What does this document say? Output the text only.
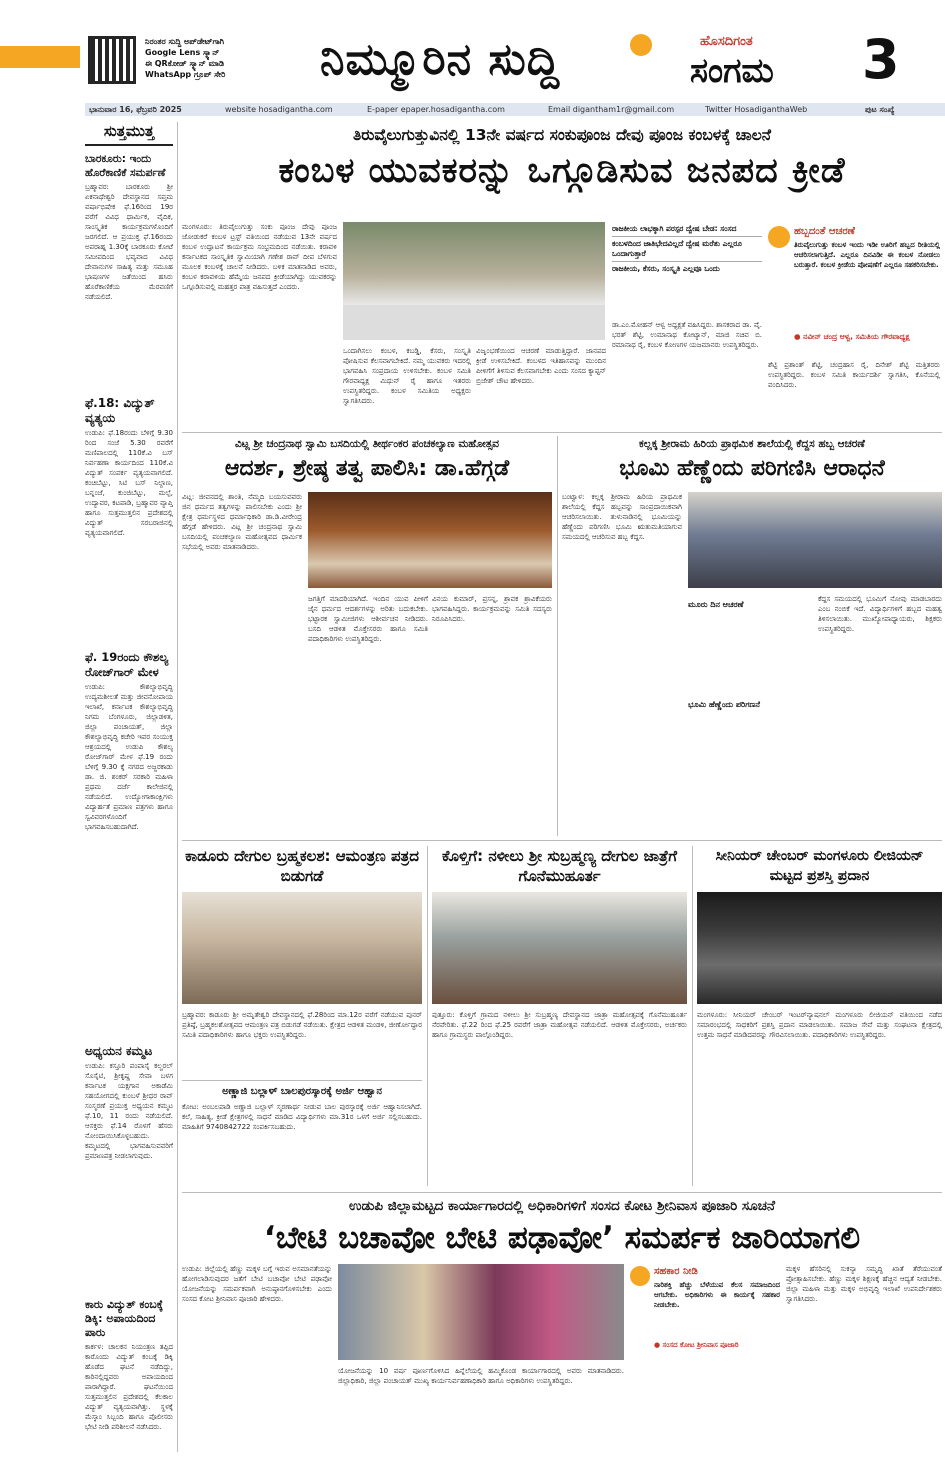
ನಿರಂತರ ಸುದ್ದಿ ಅಪ್‌ಡೇಟ್‌ಗಾಗಿ
Google Lens ಸ್ಕ್ಯಾನ್
ಈ QRಕೋಡ್ ಸ್ಕ್ಯಾನ್ ಮಾಡಿ
WhatsApp ಗ್ರೂಪ್ ಸೇರಿ	ನಿಮ್ಮೂರಿನ ಸುದ್ದಿ	ಹೊಸದಿಗಂತ
ಸಂಗಮ 3
ಭಾನುವಾರ 16, ಫೆಬ್ರವರಿ 2025	website hosadigantha.com	E-paper epaper.hosadigantha.com	Email digantham1r@gmail.com	Twitter HosadiganthaWeb	ಪುಟ ಸಂಖ್ಯೆ
ಸುತ್ತಮುತ್ತ
ಬಾರಕೂರು: ಇಂದು ಹೊರೆಕಾಣಿಕೆ ಸಮರ್ಪಣೆ
ಬ್ರಹ್ಮಾವರ: ಬಾರಕೂರು ಶ್ರೀ ಏಕನಾಥೇಶ್ವರಿ ದೇವಸ್ಥಾನದ ಸಪ್ತಮ ವರ್ಷಾಭಿಷೇಕ ಫೆ.16ರಿಂದ 19ರ ವರೆಗೆ ವಿವಿಧ ಧಾರ್ಮಿಕ, ವೈದಿಕ, ಸಾಂಸ್ಕೃತಿಕ ಕಾರ್ಯಕ್ರಮಗಳೊಂದಿಗೆ ಜರಗಲಿದೆ. ಆ ಪ್ರಯುಕ್ತ ಫೆ.16ರಂದು ಅಪರಾಹ್ನ 1.30ಕ್ಕೆ ಬಾರಕೂರು ಕೋಟೆ ಸಮೀಪದಿಂದ ಭವ್ಯವಾದ ವಿವಿಧ ದೇವಾನುಗಳ ಸಾಹಿತ್ಯ ಮತ್ತು ಸಮೂಹ ಭಾಷಣಗಳ ಜತೆಯಿಂದ ಹಸಿರು ಹೊರೆಕಾಣಿಕೆಯ ಮೆರವಣಿಗೆ ನಡೆಯಲಿದೆ.
ಫೆ.18: ವಿದ್ಯುತ್ ವ್ಯತ್ಯಯ
ಉಡುಪಿ: ಫೆ.18ರಂದು ಬೆಳಿಗ್ಗೆ 9.30 ರಿಂದ ಸಂಜೆ 5.30 ರವರೆಗೆ ಮಣಿಪಾಲದಲ್ಲಿ 110ಕೆ.ವಿ ಬಸ್ ನಿರ್ವಹಣಾ ಕಾರ್ಯದಿಂದ 110ಕೆ.ವಿ ವಿದ್ಯುತ್ ಸಂಪರ್ಕ ವ್ಯತ್ಯಯವಾಗಲಿದೆ. ಕಂಚಿಬೆಟ್ಟು, ಸಿಟಿ ಬಸ್ ನಿಲ್ದಾಣ, ಬನ್ನಂಜೆ, ಕುಂಜಿಬೆಟ್ಟು, ಮಲ್ಪೆ, ಉದ್ಯಾವರ, ಕಟಪಾಡಿ, ಬ್ರಹ್ಮಾವರ ವ್ಯಾಪ್ತಿ ಹಾಗೂ ಸುತ್ತಮುತ್ತಲಿನ ಪ್ರದೇಶದಲ್ಲಿ ವಿದ್ಯುತ್ ಸರಬರಾಜಿನಲ್ಲಿ ವ್ಯತ್ಯಯವಾಗಲಿದೆ.
ಫೆ. 19ರಂದು ಕೌಶಲ್ಯ ರೋಜ್‌ಗಾರ್ ಮೇಳ
ಉಡುಪಿ: ಕೌಶಲ್ಯಾಭಿವೃದ್ಧಿ ಉದ್ಯಮಶೀಲತೆ ಮತ್ತು ಜೀವನೋಪಾಯ ಇಲಾಖೆ, ಕರ್ನಾಟಕ ಕೌಶಲ್ಯಾಭಿವೃದ್ಧಿ ನಿಗಮ ಬೆಂಗಳೂರು, ಜಿಲ್ಲಾಡಳಿತ, ಜಿಲ್ಲಾ ಪಂಚಾಯತ್, ಜಿಲ್ಲಾ ಕೌಶಲ್ಯಾಭಿವೃದ್ಧಿ ಕಚೇರಿ ಇವರ ಸಂಯುಕ್ತ ಆಶ್ರಯದಲ್ಲಿ ಉಡುಪಿ ಕೌಶಲ್ಯ ರೋಜ್‌ಗಾರ್ ಮೇಳ ಫೆ.19 ರಂದು ಬೆಳಿಗ್ಗೆ 9.30 ಕ್ಕೆ ನಗರದ ಅಜ್ಜರಕಾಡು ಡಾ. ಜಿ. ಶಂಕರ್ ಸರಕಾರಿ ಮಹಿಳಾ ಪ್ರಥಮ ದರ್ಜೆ ಕಾಲೇಜಿನಲ್ಲಿ ನಡೆಯಲಿದೆ. ಉದ್ಯೋಗಾಕಾಂಕ್ಷಿಗಳು ವಿದ್ಯಾರ್ಹತೆ ಪ್ರಮಾಣ ಪತ್ರಗಳು ಹಾಗೂ ಸ್ವವಿವರಗಳೊಂದಿಗೆ ಭಾಗವಹಿಸಬಹುದಾಗಿದೆ.
ಅಧ್ಯಯನ ಕಮ್ಮಟ
ಉಡುಪಿ: ಕಸ್ತೂರಿ ಪಂಪಾಸೈ ಕಲ್ಚರಲ್ ಸೊಸೈಟಿ, ಶ್ರೀಕೃಷ್ಣ ಸೇವಾ ಬಳಗ ಕರ್ನಾಟಕ ಯಕ್ಷಗಾನ ಅಕಾಡೆಮಿ ಸಹಯೋಗದಲ್ಲಿ ಕುಂಬಳೆ ಶ್ರೀಧರ ರಾವ್ ಸಂಸ್ಮರಣೆ ಪ್ರಯುಕ್ತ ಅಧ್ಯಯನ ಕಮ್ಮಟ ಫೆ.10, 11 ರಂದು ನಡೆಯಲಿದೆ. ಆಸಕ್ತರು ಫೆ.14 ರೊಳಗೆ ಹೆಸರು ನೋಂದಾಯಿಸಿಕೊಳ್ಳಬಹುದು. ಕಮ್ಮಟದಲ್ಲಿ ಭಾಗವಹಿಸುವವರಿಗೆ ಪ್ರಮಾಣಪತ್ರ ನೀಡಲಾಗುವುದು.
ಕಾರು ವಿದ್ಯುತ್ ಕಂಬಕ್ಕೆ ಡಿಕ್ಕಿ: ಅಪಾಯದಿಂದ ಪಾರು
ಕಾರ್ಕಳ: ಚಾಲಕನ ನಿಯಂತ್ರಣ ತಪ್ಪಿದ ಕಾರೊಂದು ವಿದ್ಯುತ್ ಕಂಬಕ್ಕೆ ಡಿಕ್ಕಿ ಹೊಡೆದ ಘಟನೆ ನಡೆದಿದ್ದು, ಕಾರಿನಲ್ಲಿದ್ದವರು ಅಪಾಯದಿಂದ ಪಾರಾಗಿದ್ದಾರೆ. ಘಟನೆಯಿಂದ ಸುತ್ತಮುತ್ತಲಿನ ಪ್ರದೇಶದಲ್ಲಿ ಕೆಲಕಾಲ ವಿದ್ಯುತ್ ವ್ಯತ್ಯಯವಾಗಿತ್ತು. ಸ್ಥಳಕ್ಕೆ ಮೆಸ್ಕಾಂ ಸಿಬ್ಬಂದಿ ಹಾಗೂ ಪೊಲೀಸರು ಭೇಟಿ ನೀಡಿ ಪರಿಶೀಲನೆ ನಡೆಸಿದರು.
ತಿರುವೈಲುಗುತ್ತುವಿನಲ್ಲಿ 13ನೇ ವರ್ಷದ ಸಂಕುಪೂಂಜ ದೇವು ಪೂಂಜ ಕಂಬಳಕ್ಕೆ ಚಾಲನೆ
ಕಂಬಳ ಯುವಕರನ್ನು ಒಗ್ಗೂಡಿಸುವ ಜನಪದ ಕ್ರೀಡೆ
ಮಂಗಳೂರು: ತಿರುವೈಲುಗುತ್ತು ಸಂಕು ಪೂಂಜ ದೇವು ಪೂಂಜ ಜೋಡುಕರೆ ಕಂಬಳ ಟ್ರಸ್ಟ್ ವತಿಯಿಂದ ನಡೆಯುವ 13ನೇ ವರ್ಷದ ಕಂಬಳ ಉದ್ಘಾಟನೆ ಕಾರ್ಯಕ್ರಮ ಸಂಭ್ರಮದಿಂದ ನಡೆಯಿತು. ಕರಾವಳಿ ಕರ್ನಾಟಕದ ಸಾಂಸ್ಕೃತಿಕ ಸ್ವಾಮಿಯಾಗಿ ಗಣೇಶ ರಾವ್ ದೀಪ ಬೆಳಗುವ ಮೂಲಕ ಕಂಬಳಕ್ಕೆ ಚಾಲನೆ ನೀಡಿದರು. ಬಳಿಕ ಮಾತನಾಡಿದ ಅವರು, ಕಂಬಳ ಕರಾವಳಿಯ ಹೆಮ್ಮೆಯ ಜನಪದ ಕ್ರೀಡೆಯಾಗಿದ್ದು ಯುವಕರನ್ನು ಒಗ್ಗೂಡಿಸುವಲ್ಲಿ ಮಹತ್ತರ ಪಾತ್ರ ವಹಿಸುತ್ತದೆ ಎಂದರು.
ಒಂದಾಗಿಸಲು ಕಂಬಳ, ಕಬಡ್ಡಿ, ಕೆಸರು, ಸಂಸ್ಕೃತಿ ಪೋಷಿಸುವ ಕೆಲಸವಾಗಬೇಕಿದೆ. ನಮ್ಮ ಯುವಕರು ಇದರಲ್ಲಿ ಭಾಗವಹಿಸಿ ಸಂಪ್ರದಾಯ ಉಳಿಸಬೇಕು. ಕಂಬಳ ಸಮಿತಿ ಗೌರವಾಧ್ಯಕ್ಷ ಮಿಥುನ್ ರೈ ಹಾಗೂ ಇತರರು ಉಪಸ್ಥಿತರಿದ್ದರು. ಕಂಬಳ ಸಮಿತಿಯ ಅಧ್ಯಕ್ಷರು ಸ್ವಾಗತಿಸಿದರು.
ವಿಜೃಂಭಣೆಯಿಂದ ಆಚರಣೆ ಮಾಡುತ್ತಿದ್ದಾರೆ. ಜಾನಪದ ಕ್ರೀಡೆ ಉಳಿಸಬೇಕಿದೆ. ಕಂಬಳದ ಇತಿಹಾಸವನ್ನು ಮುಂದಿನ ಪೀಳಿಗೆಗೆ ತಿಳಿಸುವ ಕೆಲಸವಾಗಬೇಕು ಎಂದು ಸಂಸದ ಕ್ಯಾಪ್ಟನ್ ಬ್ರಿಜೇಶ್ ಚೌಟ ಹೇಳಿದರು.
ರಾಜಕೀಯ ಲಾಭಕ್ಕಾಗಿ ಪರಸ್ಪರ ದ್ವೇಷ ಬೇಡ: ಸಂಸದ
ಕಂಬಳದಿಂದ ಜಾತಿಭೇದವಿಲ್ಲದೆ ದ್ವೇಷ ಮರೆತು ಎಲ್ಲರೂ ಒಂದಾಗುತ್ತಾರೆ
ರಾಜಕೀಯ, ಕೆಸರು, ಸಂಸ್ಕೃತಿ ಎಲ್ಲವೂ ಒಂದು
ಡಾ.ಎಂ.ಮೋಹನ್ ಆಳ್ವ ಅಧ್ಯಕ್ಷತೆ ವಹಿಸಿದ್ದರು. ಶಾಸಕರಾದ ಡಾ. ವೈ. ಭರತ್ ಶೆಟ್ಟಿ, ಉಮಾನಾಥ ಕೋಟ್ಯಾನ್, ಮಾಜಿ ಸಚಿವ ಬಿ. ರಮಾನಾಥ ರೈ, ಕಂಬಳ ಕೋಣಗಳ ಯಜಮಾನರು ಉಪಸ್ಥಿತರಿದ್ದರು.
ಹಬ್ಬದಂತೆ ಆಚರಣೆ
ತಿರುವೈಲುಗುತ್ತು ಕಂಬಳ ಇಂದು ಇಡೀ ಊರಿಗೆ ಹಬ್ಬದ ರೀತಿಯಲ್ಲಿ ಆಚರಿಸಲಾಗುತ್ತಿದೆ. ಎಲ್ಲರೂ ದಿನವಿಡೀ ಈ ಕಂಬಳ ನೋಡಲು ಬರುತ್ತಾರೆ. ಕಂಬಳ ಕ್ರೀಡೆಯ ಪೋಷಣೆಗೆ ಎಲ್ಲರೂ ಸಹಕರಿಸಬೇಕು.
● ನವೀನ್ ಚಂದ್ರ ಆಳ್ವ, ಸಮಿತಿಯ ಗೌರವಾಧ್ಯಕ್ಷ
ಶೆಟ್ಟಿ ಪ್ರಶಾಂತ್ ಶೆಟ್ಟಿ, ಚಂದ್ರಹಾಸ ರೈ, ದಿನೇಶ್ ಶೆಟ್ಟಿ ಮತ್ತಿತರರು ಉಪಸ್ಥಿತರಿದ್ದರು. ಕಂಬಳ ಸಮಿತಿ ಕಾರ್ಯದರ್ಶಿ ಸ್ವಾಗತಿಸಿ, ಕೊನೆಯಲ್ಲಿ ವಂದಿಸಿದರು.
ವಿಟ್ಲ ಶ್ರೀ ಚಂದ್ರನಾಥ ಸ್ವಾಮಿ ಬಸದಿಯಲ್ಲಿ ತೀರ್ಥಂಕರ ಪಂಚಕಲ್ಯಾಣ ಮಹೋತ್ಸವ
ಆದರ್ಶ, ಶ್ರೇಷ್ಠ ತತ್ವ ಪಾಲಿಸಿ: ಡಾ.ಹೆಗ್ಗಡೆ
ವಿಟ್ಲ: ಜೀವನದಲ್ಲಿ ಶಾಂತಿ, ನೆಮ್ಮದಿ ಬಯಸುವವರು ಜಿನ ಧರ್ಮದ ತತ್ವಗಳನ್ನು ಪಾಲಿಸಬೇಕು ಎಂದು ಶ್ರೀ ಕ್ಷೇತ್ರ ಧರ್ಮಸ್ಥಳದ ಧರ್ಮಾಧಿಕಾರಿ ಡಾ.ಡಿ.ವೀರೇಂದ್ರ ಹೆಗ್ಗಡೆ ಹೇಳಿದರು. ವಿಟ್ಲ ಶ್ರೀ ಚಂದ್ರನಾಥ ಸ್ವಾಮಿ ಬಸದಿಯಲ್ಲಿ ಪಂಚಕಲ್ಯಾಣ ಮಹೋತ್ಸವದ ಧಾರ್ಮಿಕ ಸಭೆಯಲ್ಲಿ ಅವರು ಮಾತನಾಡಿದರು.
ಜಗತ್ತಿಗೆ ಮಾದರಿಯಾಗಿದೆ. ಇಂದಿನ ಯುವ ಪೀಳಿಗೆ ಜೈನ ಧರ್ಮದ ಆದರ್ಶಗಳನ್ನು ಅರಿತು ಬದುಕಬೇಕು. ಭಟ್ಟಾರಕ ಸ್ವಾಮೀಜಿಗಳು ಆಶೀರ್ವಚನ ನೀಡಿದರು. ಬಸದಿ ಆಡಳಿತ ಮೊಕ್ತೇಸರರು ಹಾಗೂ ಸಮಿತಿ ಪದಾಧಿಕಾರಿಗಳು ಉಪಸ್ಥಿತರಿದ್ದರು.
ವಿನಯ ಕುಮಾರ್, ಪ್ರಸನ್ನ, ಶ್ರಾವಕ ಶ್ರಾವಿಕೆಯರು ಭಾಗವಹಿಸಿದ್ದರು. ಕಾರ್ಯಕ್ರಮವನ್ನು ಸಮಿತಿ ಸದಸ್ಯರು ನಿರೂಪಿಸಿದರು.
ಕಲ್ಲಕ್ಕ ಶ್ರೀರಾಮ ಹಿರಿಯ ಪ್ರಾಥಮಿಕ ಶಾಲೆಯಲ್ಲಿ ಕೆದ್ದಸ ಹಬ್ಬ ಆಚರಣೆ
ಭೂಮಿ ಹೆಣ್ಣೆಂದು ಪರಿಗಣಿಸಿ ಆರಾಧನೆ
ಬಂಟ್ವಾಳ: ಕಲ್ಲಕ್ಕ ಶ್ರೀರಾಮ ಹಿರಿಯ ಪ್ರಾಥಮಿಕ ಶಾಲೆಯಲ್ಲಿ ಕೆದ್ದಸ ಹಬ್ಬವನ್ನು ಸಾಂಪ್ರದಾಯಿಕವಾಗಿ ಆಚರಿಸಲಾಯಿತು. ತುಳುನಾಡಿನಲ್ಲಿ ಭೂಮಿಯನ್ನು ಹೆಣ್ಣೆಂದು ಪರಿಗಣಿಸಿ ಭೂಮಿ ಋತುಮತಿಯಾಗುವ ಸಮಯದಲ್ಲಿ ಆಚರಿಸುವ ಹಬ್ಬ ಕೆದ್ದಸ.
ಮೂರು ದಿನ ಆಚರಣೆ
ಭೂಮಿ ಹೆಣ್ಣೆಂದು ಪರಿಗಣನೆ
ಕೆದ್ದಸ ಸಮಯದಲ್ಲಿ ಭೂಮಿಗೆ ನೋವು ಮಾಡಬಾರದು ಎಂಬ ನಂಬಿಕೆ ಇದೆ. ವಿದ್ಯಾರ್ಥಿಗಳಿಗೆ ಹಬ್ಬದ ಮಹತ್ವ ತಿಳಿಸಲಾಯಿತು. ಮುಖ್ಯೋಪಾಧ್ಯಾಯರು, ಶಿಕ್ಷಕರು ಉಪಸ್ಥಿತರಿದ್ದರು.
ಕಾಡೂರು ದೇಗುಲ ಬ್ರಹ್ಮಕಲಶ: ಆಮಂತ್ರಣ ಪತ್ರದ ಬಿಡುಗಡೆ
ಬ್ರಹ್ಮಾವರ: ಕಾಡೂರು ಶ್ರೀ ಅಮೃತೇಶ್ವರಿ ದೇವಸ್ಥಾನದಲ್ಲಿ ಫೆ.28ರಿಂದ ಮಾ.12ರ ವರೆಗೆ ನಡೆಯುವ ಪುನರ್ ಪ್ರತಿಷ್ಠೆ, ಬ್ರಹ್ಮಕಲಶೋತ್ಸವದ ಆಮಂತ್ರಣ ಪತ್ರ ಬಿಡುಗಡೆ ನಡೆಯಿತು. ಕ್ಷೇತ್ರದ ಆಡಳಿತ ಮಂಡಳಿ, ಜೀರ್ಣೋದ್ಧಾರ ಸಮಿತಿ ಪದಾಧಿಕಾರಿಗಳು ಹಾಗೂ ಭಕ್ತರು ಉಪಸ್ಥಿತರಿದ್ದರು.
ಕೊಳ್ತಿಗೆ: ನಳೀಲು ಶ್ರೀ ಸುಬ್ರಹ್ಮಣ್ಯ ದೇಗುಲ ಜಾತ್ರೆಗೆ ಗೊನೆಮುಹೂರ್ತ
ಪುತ್ತೂರು: ಕೊಳ್ತಿಗೆ ಗ್ರಾಮದ ನಳೀಲು ಶ್ರೀ ಸುಬ್ರಹ್ಮಣ್ಯ ದೇವಸ್ಥಾನದ ಜಾತ್ರಾ ಮಹೋತ್ಸವಕ್ಕೆ ಗೊನೆಮುಹೂರ್ತ ನೆರವೇರಿತು. ಫೆ.22 ರಿಂದ ಫೆ.25 ರವರೆಗೆ ಜಾತ್ರಾ ಮಹೋತ್ಸವ ನಡೆಯಲಿದೆ. ಆಡಳಿತ ಮೊಕ್ತೇಸರರು, ಅರ್ಚಕರು ಹಾಗೂ ಗ್ರಾಮಸ್ಥರು ಪಾಲ್ಗೊಂಡಿದ್ದರು.
ಸೀನಿಯರ್ ಚೇಂಬರ್ ಮಂಗಳೂರು ಲೀಜಿಯನ್ ಮಟ್ಟದ ಪ್ರಶಸ್ತಿ ಪ್ರದಾನ
ಮಂಗಳೂರು: ಸೀನಿಯರ್ ಚೇಂಬರ್ ಇಂಟರ್‌ನ್ಯಾಷನಲ್ ಮಂಗಳೂರು ಲೀಜಿಯನ್ ವತಿಯಿಂದ ನಡೆದ ಸಮಾರಂಭದಲ್ಲಿ ಸಾಧಕರಿಗೆ ಪ್ರಶಸ್ತಿ ಪ್ರದಾನ ಮಾಡಲಾಯಿತು. ಸಮಾಜ ಸೇವೆ ಮತ್ತು ಸಂಘಟನಾ ಕ್ಷೇತ್ರದಲ್ಲಿ ಉತ್ತಮ ಸಾಧನೆ ಮಾಡಿದವರನ್ನು ಗೌರವಿಸಲಾಯಿತು. ಪದಾಧಿಕಾರಿಗಳು ಉಪಸ್ಥಿತರಿದ್ದರು.
ಅಣ್ಣಾಜಿ ಬಲ್ಲಾಳ್ ಬಾಲಪುರಸ್ಕಾರಕ್ಕೆ ಅರ್ಜಿ ಆಹ್ವಾನ
ಕೋಟ: ಅಂಬಲಪಾಡಿ ಅಣ್ಣಾಜಿ ಬಲ್ಲಾಳ್ ಸ್ಮರಣಾರ್ಥ ನೀಡುವ ಬಾಲ ಪುರಸ್ಕಾರಕ್ಕೆ ಅರ್ಜಿ ಆಹ್ವಾನಿಸಲಾಗಿದೆ. ಕಲೆ, ಸಾಹಿತ್ಯ, ಕ್ರೀಡೆ ಕ್ಷೇತ್ರಗಳಲ್ಲಿ ಸಾಧನೆ ಮಾಡಿದ ವಿದ್ಯಾರ್ಥಿಗಳು ಮಾ.31ರ ಒಳಗೆ ಅರ್ಜಿ ಸಲ್ಲಿಸಬಹುದು. ಮಾಹಿತಿಗೆ 9740842722 ಸಂಪರ್ಕಿಸಬಹುದು.
ಉಡುಪಿ ಜಿಲ್ಲಾಮಟ್ಟದ ಕಾರ್ಯಾಗಾರದಲ್ಲಿ ಅಧಿಕಾರಿಗಳಿಗೆ ಸಂಸದ ಕೋಟ ಶ್ರೀನಿವಾಸ ಪೂಜಾರಿ ಸೂಚನೆ
‘ಬೇಟಿ ಬಚಾವೋ ಬೇಟಿ ಪಢಾವೋ’ ಸಮರ್ಪಕ ಜಾರಿಯಾಗಲಿ
ಉಡುಪಿ: ಜಿಲ್ಲೆಯಲ್ಲಿ ಹೆಣ್ಣು ಮಕ್ಕಳ ಬಗ್ಗೆ ಇರುವ ಅಸಮಾನತೆಯನ್ನು ಹೋಗಲಾಡಿಸುವುದರ ಜತೆಗೆ ಬೇಟಿ ಬಚಾವೋ ಬೇಟಿ ಪಢಾವೋ ಯೋಜನೆಯನ್ನು ಸಮರ್ಪಕವಾಗಿ ಅನುಷ್ಠಾನಗೊಳಿಸಬೇಕು ಎಂದು ಸಂಸದ ಕೋಟ ಶ್ರೀನಿವಾಸ ಪೂಜಾರಿ ಹೇಳಿದರು.
ಯೋಜನೆಯನ್ನು 10 ವರ್ಷ ಪೂರ್ಣಗೊಳಿಸಿದ ಹಿನ್ನೆಲೆಯಲ್ಲಿ ಹಮ್ಮಿಕೊಂಡ ಕಾರ್ಯಾಗಾರದಲ್ಲಿ ಅವರು ಮಾತನಾಡಿದರು. ಜಿಲ್ಲಾಧಿಕಾರಿ, ಜಿಲ್ಲಾ ಪಂಚಾಯತ್ ಮುಖ್ಯ ಕಾರ್ಯನಿರ್ವಹಣಾಧಿಕಾರಿ ಹಾಗೂ ಅಧಿಕಾರಿಗಳು ಉಪಸ್ಥಿತರಿದ್ದರು.
ಸಹಕಾರ ನೀಡಿ
ನಾರಿಶಕ್ತಿ ಹೆಚ್ಚು ಬೆಳೆಯುವ ಕೆಲಸ ಸಮಾಜದಿಂದ ಆಗಬೇಕು. ಅಧಿಕಾರಿಗಳು ಈ ಕಾರ್ಯಕ್ಕೆ ಸಹಕಾರ ನೀಡಬೇಕು.
● ಸಂಸದ ಕೋಟ ಶ್ರೀನಿವಾಸ ಪೂಜಾರಿ
ಮಕ್ಕಳ ಹೆಸರಿನಲ್ಲಿ ಸುಕನ್ಯಾ ಸಮೃದ್ಧಿ ಖಾತೆ ತೆರೆಯುವಂತೆ ಪ್ರೋತ್ಸಾಹಿಸಬೇಕು. ಹೆಣ್ಣು ಮಕ್ಕಳ ಶಿಕ್ಷಣಕ್ಕೆ ಹೆಚ್ಚಿನ ಆದ್ಯತೆ ನೀಡಬೇಕು. ಜಿಲ್ಲಾ ಮಹಿಳಾ ಮತ್ತು ಮಕ್ಕಳ ಅಭಿವೃದ್ಧಿ ಇಲಾಖೆ ಉಪನಿರ್ದೇಶಕರು ಸ್ವಾಗತಿಸಿದರು.
